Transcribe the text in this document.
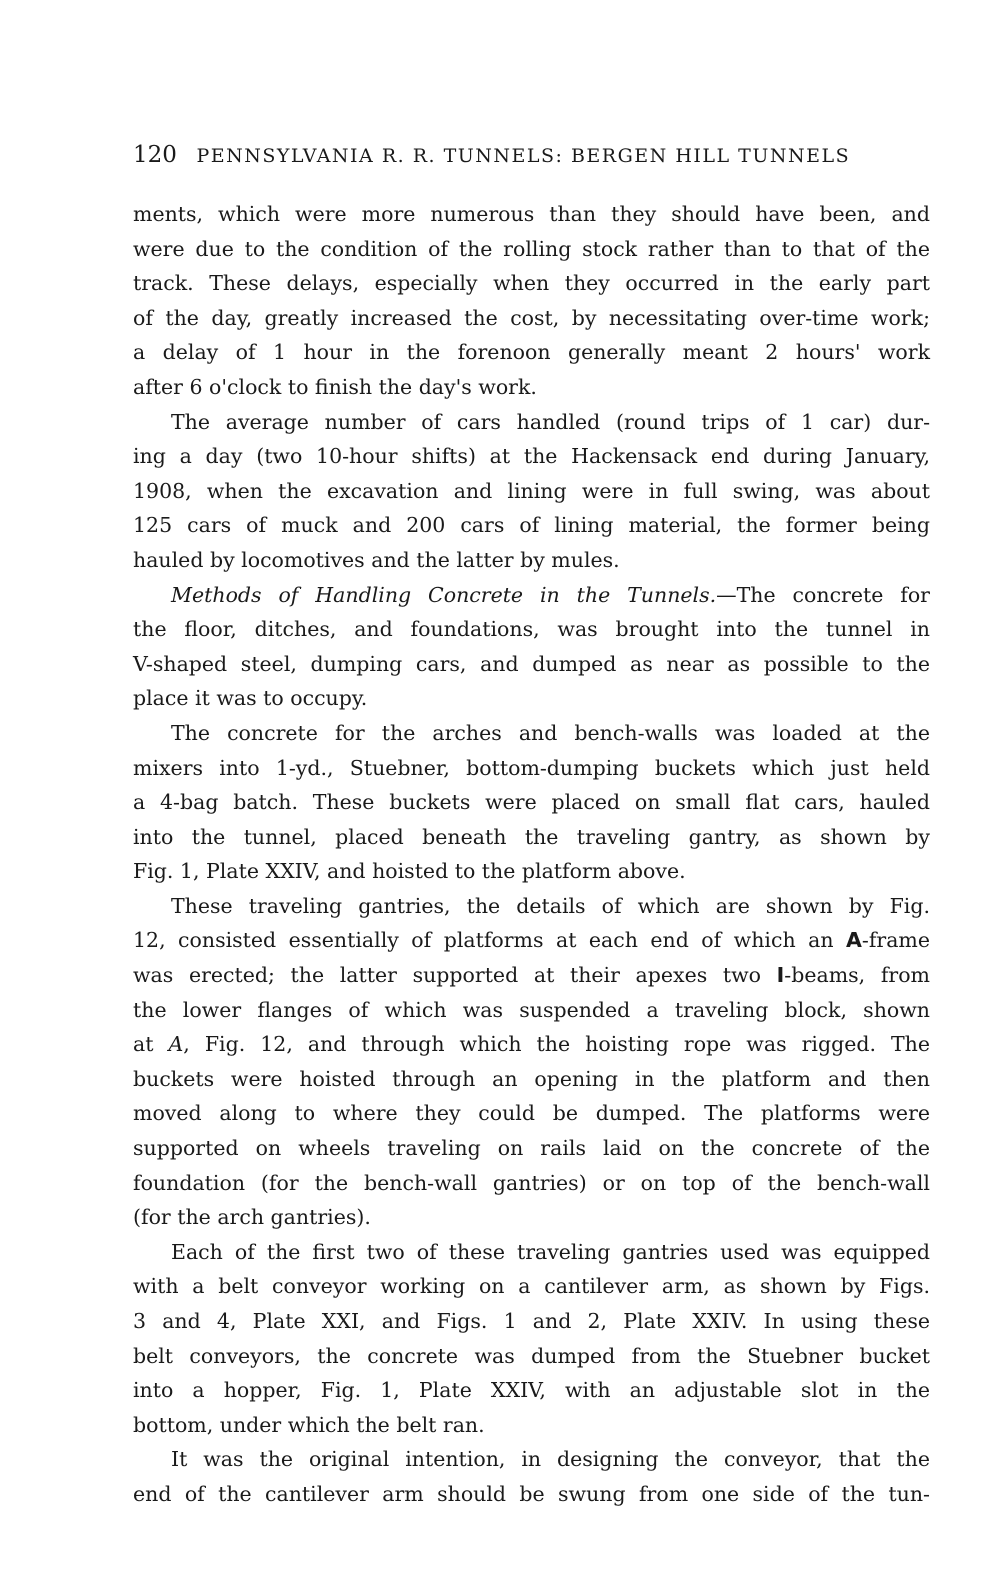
120 PENNSYLVANIA R. R. TUNNELS: BERGEN HILL TUNNELS
ments, which were more numerous than they should have been, and
were due to the condition of the rolling stock rather than to that of the
track. These delays, especially when they occurred in the early part
of the day, greatly increased the cost, by necessitating over-time work;
a delay of 1 hour in the forenoon generally meant 2 hours' work
after 6 o'clock to finish the day's work.
The average number of cars handled (round trips of 1 car) dur-
ing a day (two 10-hour shifts) at the Hackensack end during January,
1908, when the excavation and lining were in full swing, was about
125 cars of muck and 200 cars of lining material, the former being
hauled by locomotives and the latter by mules.
Methods of Handling Concrete in the Tunnels.—The concrete for
the floor, ditches, and foundations, was brought into the tunnel in
V-shaped steel, dumping cars, and dumped as near as possible to the
place it was to occupy.
The concrete for the arches and bench-walls was loaded at the
mixers into 1-yd., Stuebner, bottom-dumping buckets which just held
a 4-bag batch. These buckets were placed on small flat cars, hauled
into the tunnel, placed beneath the traveling gantry, as shown by
Fig. 1, Plate XXIV, and hoisted to the platform above.
These traveling gantries, the details of which are shown by Fig.
12, consisted essentially of platforms at each end of which an A-frame
was erected; the latter supported at their apexes two I-beams, from
the lower flanges of which was suspended a traveling block, shown
at A, Fig. 12, and through which the hoisting rope was rigged. The
buckets were hoisted through an opening in the platform and then
moved along to where they could be dumped. The platforms were
supported on wheels traveling on rails laid on the concrete of the
foundation (for the bench-wall gantries) or on top of the bench-wall
(for the arch gantries).
Each of the first two of these traveling gantries used was equipped
with a belt conveyor working on a cantilever arm, as shown by Figs.
3 and 4, Plate XXI, and Figs. 1 and 2, Plate XXIV. In using these
belt conveyors, the concrete was dumped from the Stuebner bucket
into a hopper, Fig. 1, Plate XXIV, with an adjustable slot in the
bottom, under which the belt ran.
It was the original intention, in designing the conveyor, that the
end of the cantilever arm should be swung from one side of the tun-
